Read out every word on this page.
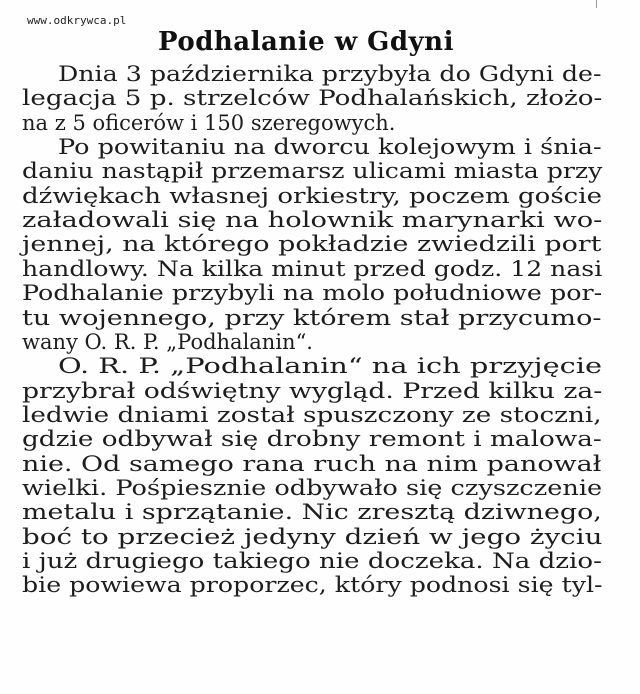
www.odkrywca.pl
Podhalanie w Gdyni
Dnia 3 października przybyła do Gdyni de-
legacja 5 p. strzelców Podhalańskich, złożo-
na z 5 oficerów i 150 szeregowych.
Po powitaniu na dworcu kolejowym i śnia-
daniu nastąpił przemarsz ulicami miasta przy
dźwiękach własnej orkiestry, poczem goście
załadowali się na holownik marynarki wo-
jennej, na którego pokładzie zwiedzili port
handlowy. Na kilka minut przed godz. 12 nasi
Podhalanie przybyli na molo południowe por-
tu wojennego, przy którem stał przycumo-
wany O. R. P. „Podhalanin“.
O. R. P. „Podhalanin“ na ich przyjęcie
przybrał odświętny wygląd. Przed kilku za-
ledwie dniami został spuszczony ze stoczni,
gdzie odbywał się drobny remont i malowa-
nie. Od samego rana ruch na nim panował
wielki. Pośpiesznie odbywało się czyszczenie
metalu i sprzątanie. Nic zresztą dziwnego,
boć to przecież jedyny dzień w jego życiu
i już drugiego takiego nie doczeka. Na dzio-
bie powiewa proporzec, który podnosi się tyl-
